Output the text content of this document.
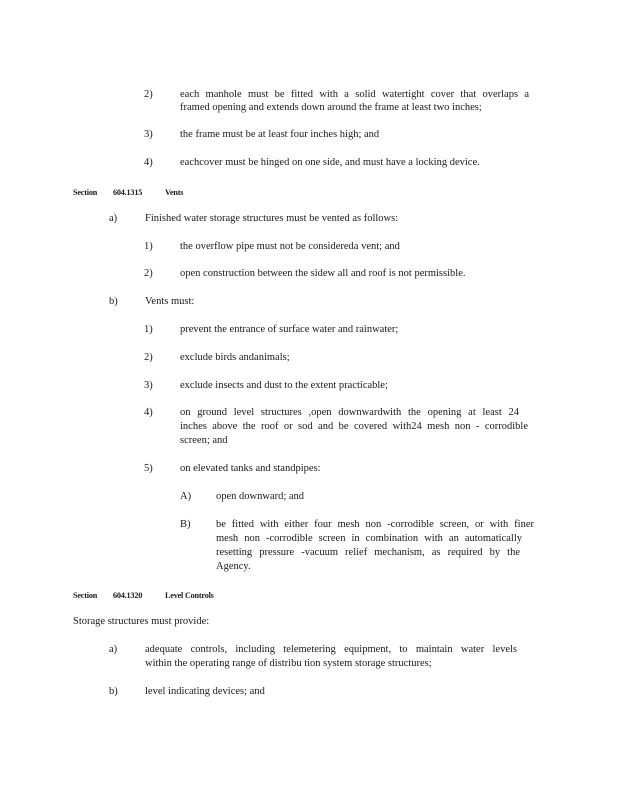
2)	each manhole must be fitted with a solid watertight cover that overlaps a
framed opening and extends down around the frame at least two inches;
3)	the frame must be at least four inches high; and
4)	eachcover must be hinged on one side, and must have a locking device.
Section 604.1315	Vents
a)	Finished water storage structures must be vented as follows:
1)	the overflow pipe must not be considereda vent; and
2)	open construction between the sidew all and roof is not permissible.
b)	Vents must:
1)	prevent the entrance of surface water and rainwater;
2)	exclude birds andanimals;
3)	exclude insects and dust to the extent practicable;
4)	on ground level structures ,open downwardwith the opening at least 24
inches above the roof or sod and be covered with24 mesh non - corrodible
screen; and
5)	on elevated tanks and standpipes:
A) open downward; and
B) be fitted with either four mesh non -corrodible screen, or with finer
mesh non -corrodible screen in combination with an automatically
resetting pressure -vacuum relief mechanism, as required by the
Agency.
Section 604.1320	Level Controls
Storage structures must provide:
a)	adequate controls, including telemetering equipment, to maintain water levels
within the operating range of distribu tion system storage structures;
b)	level indicating devices; and
